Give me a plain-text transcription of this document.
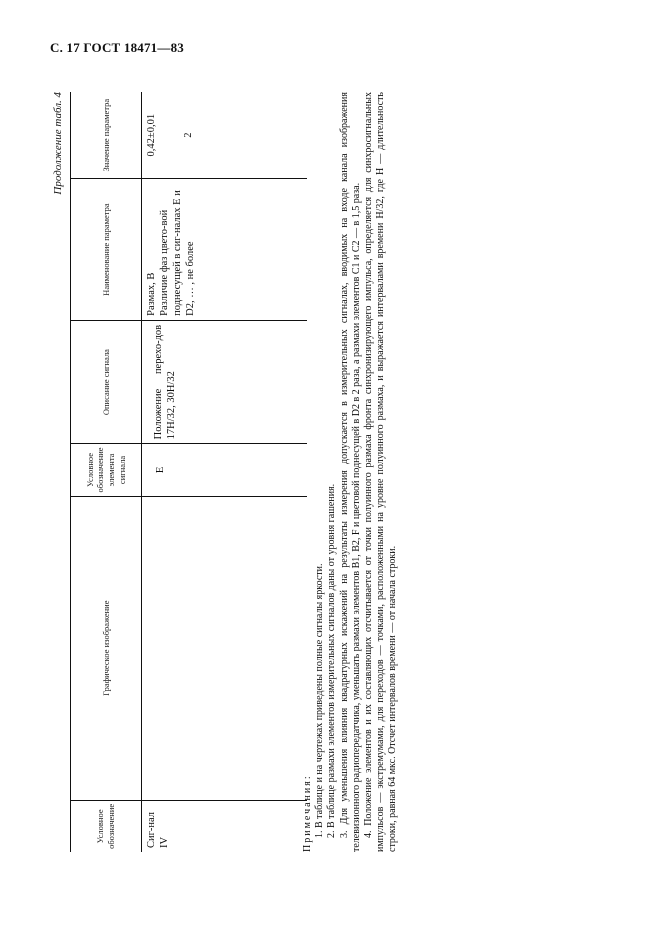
С. 17 ГОСТ 18471—83
Продолжение табл. 4
Условное обозначение	Графическое изображение	Условное обозначение элемента сигнала	Описание сигнала	Наименование параметра	Значение параметра
Сиг-нал IV		Е	Положение перехо-дов 17H/32, 30H/32	Размах, В Различие фаз цвето-вой поднесущей в сиг-налах Е и D2, … , не более	0,42±0,01 2
Примечания: 1. В таблице и на чертежах приведены полные сигналы яркости. 2. В таблице размахи элементов измерительных сигналов даны от уровня гашения. 3. Для уменьшения влияния квадратурных искажений на результаты измерения допускается в измерительных сигналах, вводимых на входе канала изображения телевизионного радиопередатчика, уменьшать размахи элементов B1, B2, F и цветовой поднесущей в D2 в 2 раза, а размахи элементов C1 и C2 — в 1,5 раза. 4. Положение элементов и их составляющих отсчитывается от точки полуинного размаха фронта синхронизирующего импульса, определяется для синхросигнальных импульсов — экстремумами, для переходов — точками, расположенными на уровне полуинного размаха, и выражается интервалами времени H/32, где H — длительность строки, равная 64 мкс. Отсчет интервалов времени — от начала строки.
